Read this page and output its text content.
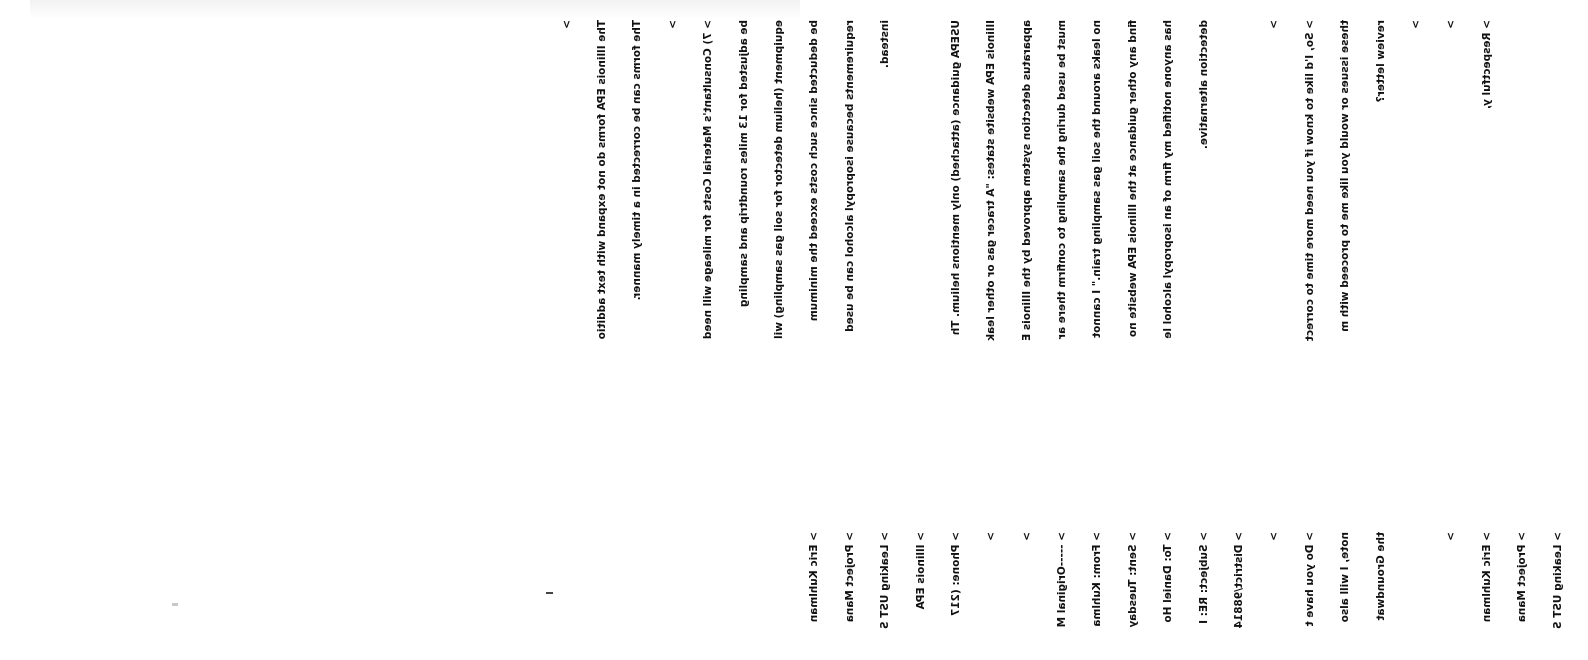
>

The Illinois EPA forms do not expand with text additio

The forms can be corrected in a timely manner.

>

> 7) Consultant's Material Costs for mileage will need

be adjusted for 13 miles roundtrip and sampling

equipment (helium detector for soil gas sampling) wil

be deducted since such costs exceed the minimum

requirements because isopropyl alcohol can be used

instead.

	USEPA guidance (attached) only mentions helium. Th

Illinois EPA website states: "A tracer gas or other leak

apparatus detection system approved by the Illinois E

must be used during the sampling to confirm there ar

no leaks around the soil gas sampling train." I cannot

find any other guidance at the Illinois EPA website no

has anyone notified my firm of an isopropyl alcohol le

detection alternative.

	>

> So, I'd like to know if you need more time to correct

these issues or would you like me to proceed with m

review letter?

>

>

> Respectful y,

> Eric Kuhlman

> Project Mana

> Leaking UST S

> Illinois EPA

> Phone: (217

>

>

> -----Original M

> From: Kuhlma

> Sent: Tuesday

> To: Daniel Ho

> Subject: RE: I

> District/98814

>

> Do you have t

note, I will also

the Groundwat

	>

> Eric Kuhlman

> Project Mana

> Leaking UST S
